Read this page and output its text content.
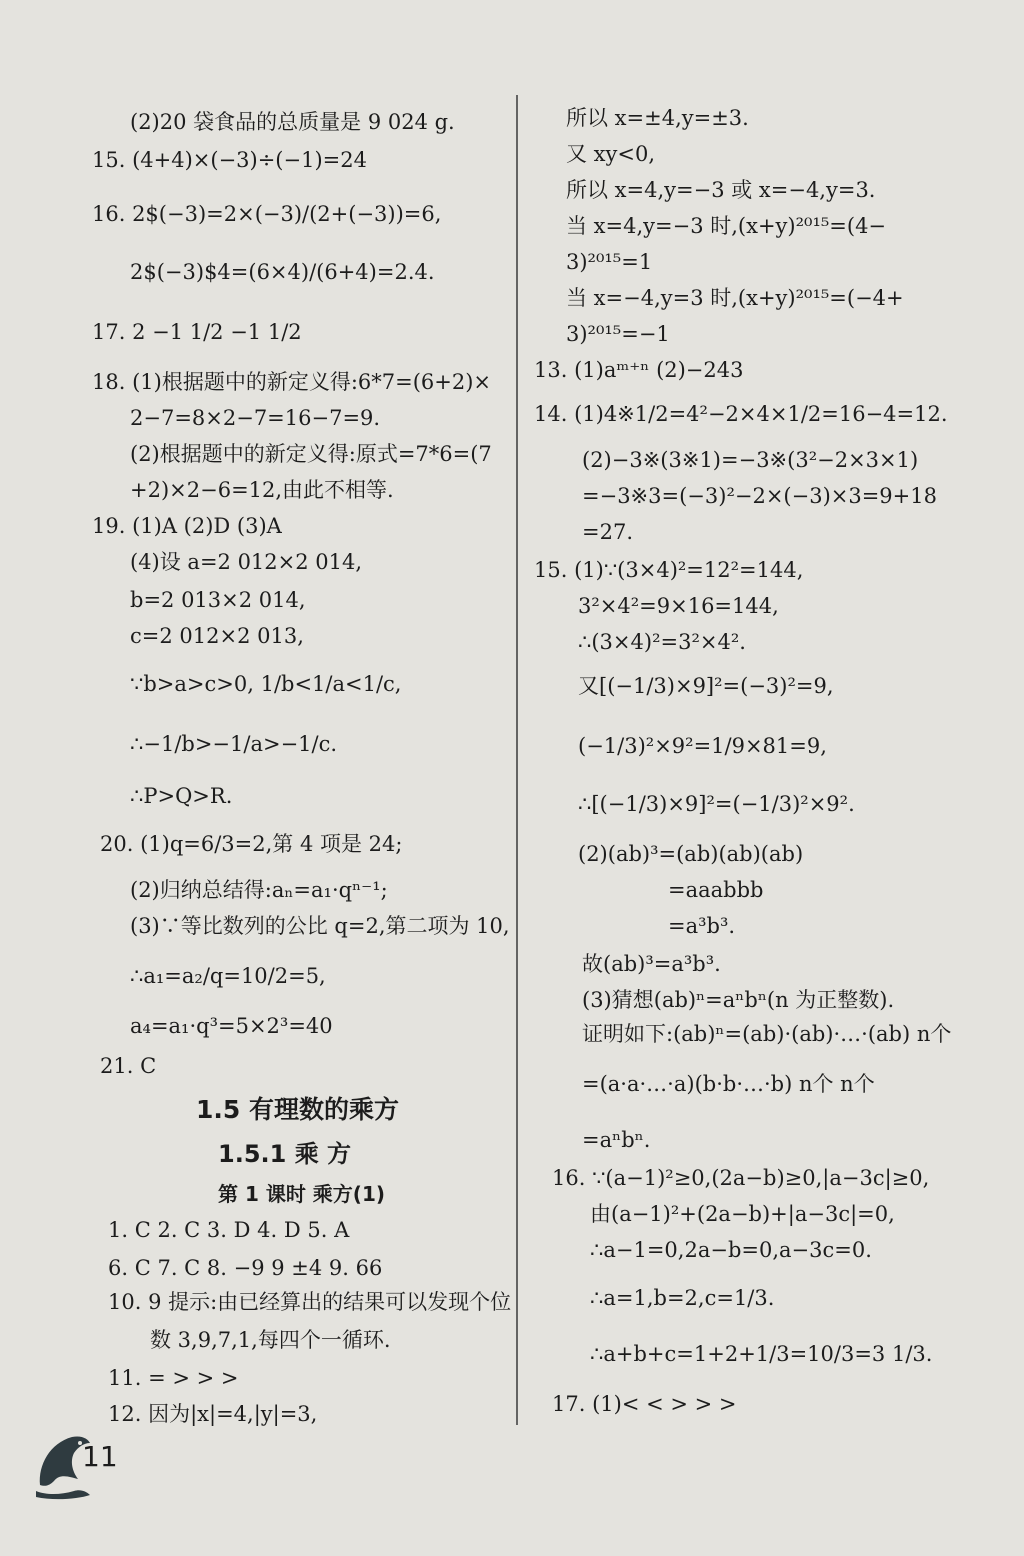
(2)20 袋食品的总质量是 9 024 g.
15. (4+4)×(−3)÷(−1)=24
16. 2$(−3)=2×(−3)/(2+(−3))=6,
2$(−3)$4=(6×4)/(6+4)=2.4.
17. 2 −1 1/2 −1 1/2
18. (1)根据题中的新定义得:6*7=(6+2)×
2−7=8×2−7=16−7=9.
(2)根据题中的新定义得:原式=7*6=(7
+2)×2−6=12,由此不相等.
19. (1)A (2)D (3)A
(4)设 a=2 012×2 014,
b=2 013×2 014,
c=2 012×2 013,
∵b>a>c>0, 1/b<1/a<1/c,
∴−1/b>−1/a>−1/c.
∴P>Q>R.
20. (1)q=6/3=2,第 4 项是 24;
(2)归纳总结得:aₙ=a₁·qⁿ⁻¹;
(3)∵等比数列的公比 q=2,第二项为 10,
∴a₁=a₂/q=10/2=5,
a₄=a₁·q³=5×2³=40
21. C
1.5 有理数的乘方
1.5.1 乘 方
第 1 课时 乘方(1)
1. C 2. C 3. D 4. D 5. A
6. C 7. C 8. −9 9 ±4 9. 66
10. 9 提示:由已经算出的结果可以发现个位
数 3,9,7,1,每四个一循环.
11. = > > >
12. 因为|x|=4,|y|=3,
所以 x=±4,y=±3.
又 xy<0,
所以 x=4,y=−3 或 x=−4,y=3.
当 x=4,y=−3 时,(x+y)²⁰¹⁵=(4−
3)²⁰¹⁵=1
当 x=−4,y=3 时,(x+y)²⁰¹⁵=(−4+
3)²⁰¹⁵=−1
13. (1)aᵐ⁺ⁿ (2)−243
14. (1)4※1/2=4²−2×4×1/2=16−4=12.
(2)−3※(3※1)=−3※(3²−2×3×1)
=−3※3=(−3)²−2×(−3)×3=9+18
=27.
15. (1)∵(3×4)²=12²=144,
3²×4²=9×16=144,
∴(3×4)²=3²×4².
又[(−1/3)×9]²=(−3)²=9,
(−1/3)²×9²=1/9×81=9,
∴[(−1/3)×9]²=(−1/3)²×9².
(2)(ab)³=(ab)(ab)(ab)
=aaabbb
=a³b³.
故(ab)³=a³b³.
(3)猜想(ab)ⁿ=aⁿbⁿ(n 为正整数).
证明如下:(ab)ⁿ=(ab)·(ab)·…·(ab) n个
=(a·a·…·a)(b·b·…·b) n个 n个
=aⁿbⁿ.
16. ∵(a−1)²≥0,(2a−b)≥0,|a−3c|≥0,
由(a−1)²+(2a−b)+|a−3c|=0,
∴a−1=0,2a−b=0,a−3c=0.
∴a=1,b=2,c=1/3.
∴a+b+c=1+2+1/3=10/3=3 1/3.
17. (1)< < > > >
11
